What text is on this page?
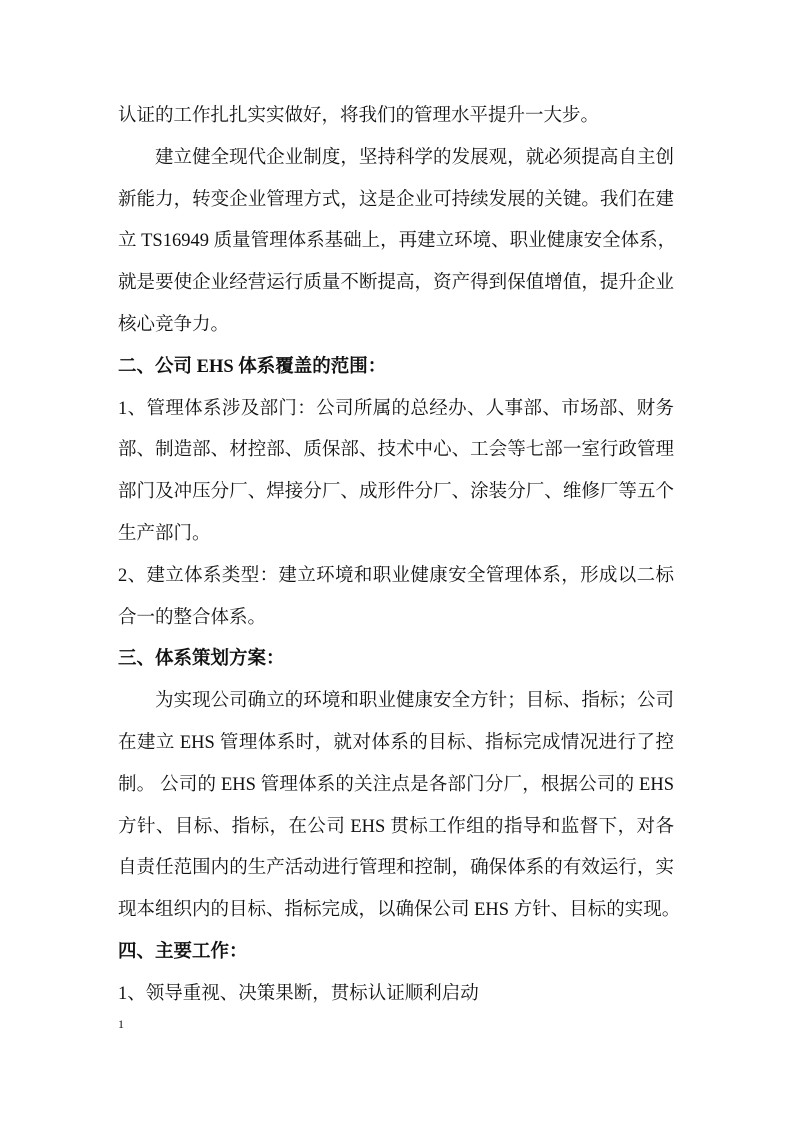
认证的工作扎扎实实做好，将我们的管理水平提升一大步。
建立健全现代企业制度，坚持科学的发展观，就必须提高自主创
新能力，转变企业管理方式，这是企业可持续发展的关键。我们在建
立 TS16949 质量管理体系基础上，再建立环境、职业健康安全体系，
就是要使企业经营运行质量不断提高，资产得到保值增值，提升企业
核心竞争力。
二、公司 EHS 体系覆盖的范围：
1、管理体系涉及部门：公司所属的总经办、人事部、市场部、财务
部、制造部、材控部、质保部、技术中心、工会等七部一室行政管理
部门及冲压分厂、焊接分厂、成形件分厂、涂装分厂、维修厂等五个
生产部门。
2、建立体系类型：建立环境和职业健康安全管理体系，形成以二标
合一的整合体系。
三、体系策划方案：
为实现公司确立的环境和职业健康安全方针；目标、指标；公司
在建立 EHS 管理体系时，就对体系的目标、指标完成情况进行了控
制。 公司的 EHS 管理体系的关注点是各部门分厂，根据公司的 EHS
方针、目标、指标，在公司 EHS 贯标工作组的指导和监督下，对各
自责任范围内的生产活动进行管理和控制，确保体系的有效运行，实
现本组织内的目标、指标完成，以确保公司 EHS 方针、目标的实现。
四、主要工作：
1、领导重视、决策果断，贯标认证顺利启动
1
